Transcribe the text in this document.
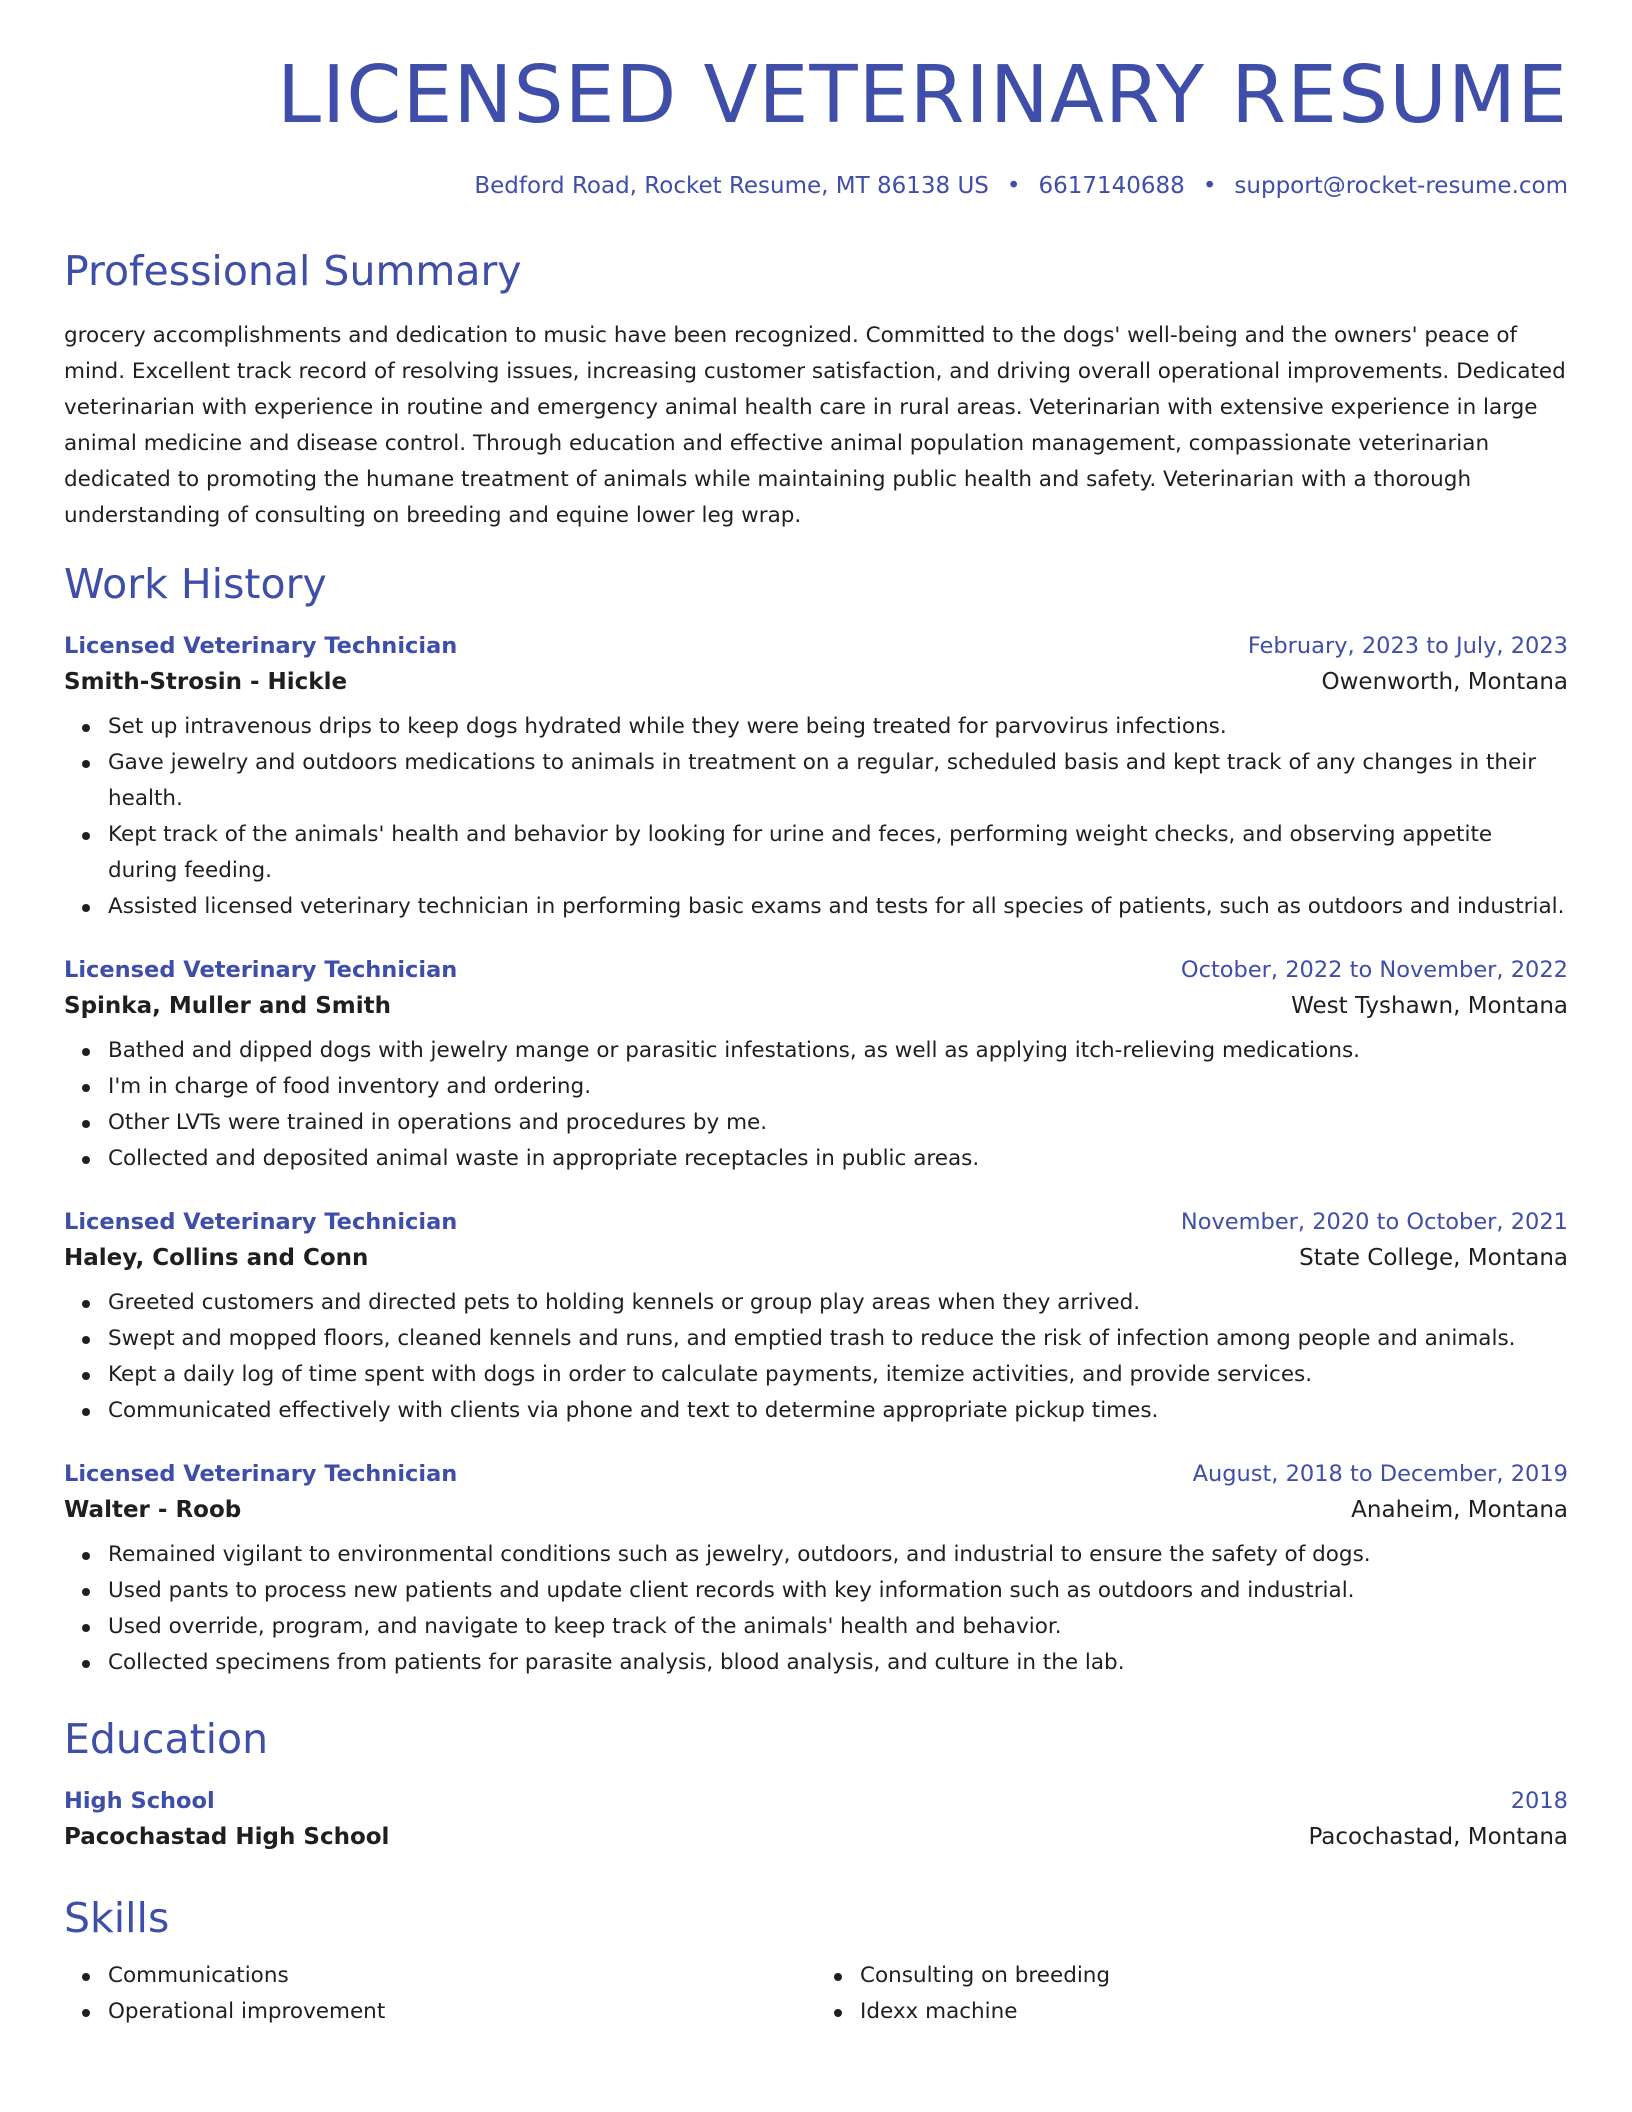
LICENSED VETERINARY RESUME
Bedford Road, Rocket Resume, MT 86138 US • 6617140688 • support@rocket-resume.com
Professional Summary

grocery accomplishments and dedication to music have been recognized. Committed to the dogs' well-being and the owners' peace of mind. Excellent track record of resolving issues, increasing customer satisfaction, and driving overall operational improvements. Dedicated veterinarian with experience in routine and emergency animal health care in rural areas. Veterinarian with extensive experience in large animal medicine and disease control. Through education and effective animal population management, compassionate veterinarian dedicated to promoting the humane treatment of animals while maintaining public health and safety. Veterinarian with a thorough understanding of consulting on breeding and equine lower leg wrap.

Work History
Licensed Veterinary Technician	February, 2023 to July, 2023
Smith-Strosin - Hickle	Owenworth, Montana
Set up intravenous drips to keep dogs hydrated while they were being treated for parvovirus infections.
Gave jewelry and outdoors medications to animals in treatment on a regular, scheduled basis and kept track of any changes in their health.
Kept track of the animals' health and behavior by looking for urine and feces, performing weight checks, and observing appetite during feeding.
Assisted licensed veterinary technician in performing basic exams and tests for all species of patients, such as outdoors and industrial.
Licensed Veterinary Technician	October, 2022 to November, 2022
Spinka, Muller and Smith	West Tyshawn, Montana
Bathed and dipped dogs with jewelry mange or parasitic infestations, as well as applying itch-relieving medications.
I'm in charge of food inventory and ordering.
Other LVTs were trained in operations and procedures by me.
Collected and deposited animal waste in appropriate receptacles in public areas.
Licensed Veterinary Technician	November, 2020 to October, 2021
Haley, Collins and Conn	State College, Montana
Greeted customers and directed pets to holding kennels or group play areas when they arrived.
Swept and mopped floors, cleaned kennels and runs, and emptied trash to reduce the risk of infection among people and animals.
Kept a daily log of time spent with dogs in order to calculate payments, itemize activities, and provide services.
Communicated effectively with clients via phone and text to determine appropriate pickup times.
Licensed Veterinary Technician	August, 2018 to December, 2019
Walter - Roob	Anaheim, Montana
Remained vigilant to environmental conditions such as jewelry, outdoors, and industrial to ensure the safety of dogs.
Used pants to process new patients and update client records with key information such as outdoors and industrial.
Used override, program, and navigate to keep track of the animals' health and behavior.
Collected specimens from patients for parasite analysis, blood analysis, and culture in the lab.
Education
High School	2018
Pacochastad High School	Pacochastad, Montana
Skills
Communications
Operational improvement
Consulting on breeding
Idexx machine
